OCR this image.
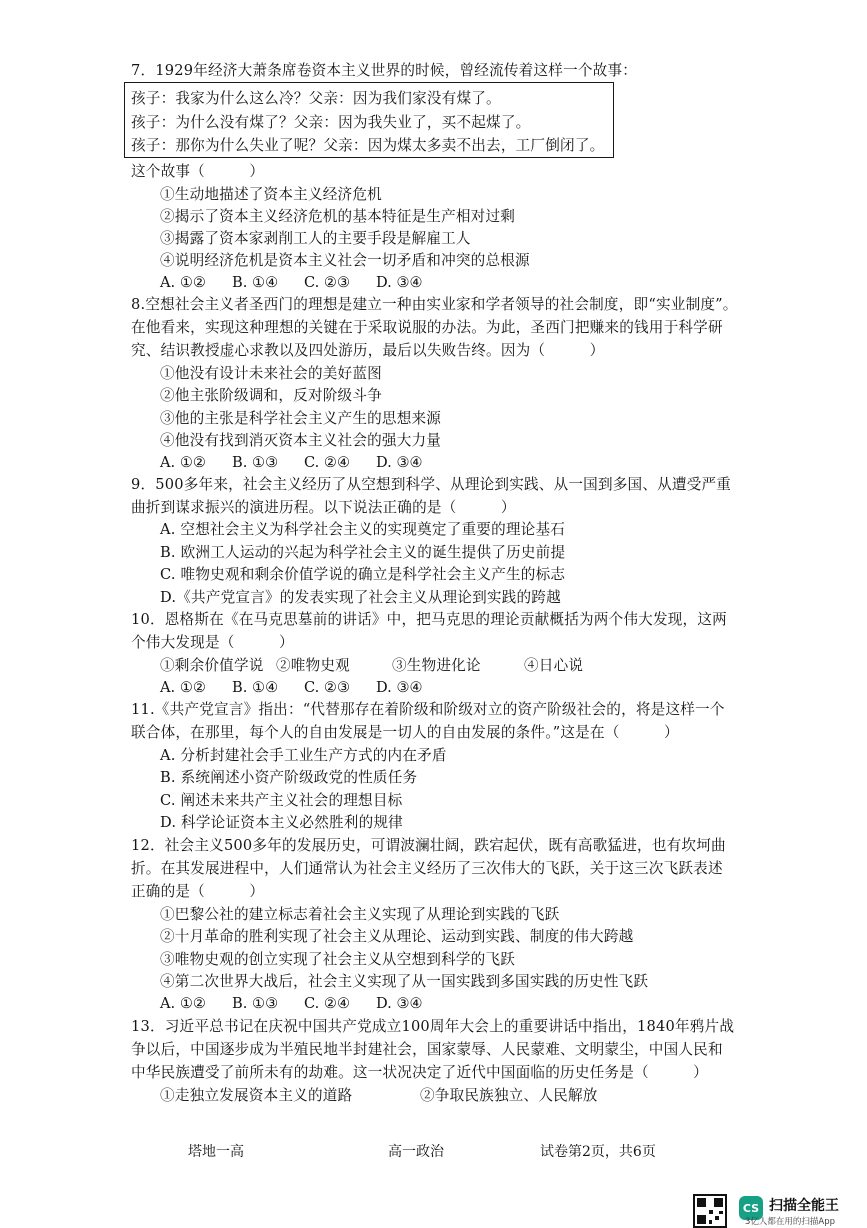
7．1929年经济大萧条席卷资本主义世界的时候，曾经流传着这样一个故事：
孩子：我家为什么这么冷？父亲：因为我们家没有煤了。
孩子：为什么没有煤了？父亲：因为我失业了，买不起煤了。
孩子：那你为什么失业了呢？父亲：因为煤太多卖不出去，工厂倒闭了。
这个故事（　　　）
①生动地描述了资本主义经济危机
②揭示了资本主义经济危机的基本特征是生产相对过剩
③揭露了资本家剥削工人的主要手段是解雇工人
④说明经济危机是资本主义社会一切矛盾和冲突的总根源
A. ①② B. ①④ C. ②③ D. ③④
8.空想社会主义者圣西门的理想是建立一种由实业家和学者领导的社会制度，即“实业制度”。
在他看来，实现这种理想的关键在于采取说服的办法。为此，圣西门把赚来的钱用于科学研
究、结识教授虚心求教以及四处游历，最后以失败告终。因为（　　　）
①他没有设计未来社会的美好蓝图
②他主张阶级调和，反对阶级斗争
③他的主张是科学社会主义产生的思想来源
④他没有找到消灭资本主义社会的强大力量
A. ①② B. ①③ C. ②④ D. ③④
9．500多年来，社会主义经历了从空想到科学、从理论到实践、从一国到多国、从遭受严重
曲折到谋求振兴的演进历程。以下说法正确的是（　　　）
A. 空想社会主义为科学社会主义的实现奠定了重要的理论基石
B. 欧洲工人运动的兴起为科学社会主义的诞生提供了历史前提
C. 唯物史观和剩余价值学说的确立是科学社会主义产生的标志
D.《共产党宣言》的发表实现了社会主义从理论到实践的跨越
10．恩格斯在《在马克思墓前的讲话》中，把马克思的理论贡献概括为两个伟大发现，这两
个伟大发现是（　　　）
①剩余价值学说 ②唯物史观	③生物进化论	④日心说
A. ①② B. ①④ C. ②③ D. ③④
11.《共产党宣言》指出：“代替那存在着阶级和阶级对立的资产阶级社会的，将是这样一个
联合体，在那里，每个人的自由发展是一切人的自由发展的条件。”这是在（　　　）
A. 分析封建社会手工业生产方式的内在矛盾
B. 系统阐述小资产阶级政党的性质任务
C. 阐述未来共产主义社会的理想目标
D. 科学论证资本主义必然胜利的规律
12．社会主义500多年的发展历史，可谓波澜壮阔，跌宕起伏，既有高歌猛进，也有坎坷曲
折。在其发展进程中，人们通常认为社会主义经历了三次伟大的飞跃，关于这三次飞跃表述
正确的是（　　　）
①巴黎公社的建立标志着社会主义实现了从理论到实践的飞跃
②十月革命的胜利实现了社会主义从理论、运动到实践、制度的伟大跨越
③唯物史观的创立实现了社会主义从空想到科学的飞跃
④第二次世界大战后，社会主义实现了从一国实践到多国实践的历史性飞跃
A. ①② B. ①③ C. ②④ D. ③④
13．习近平总书记在庆祝中国共产党成立100周年大会上的重要讲话中指出，1840年鸦片战
争以后，中国逐步成为半殖民地半封建社会，国家蒙辱、人民蒙难、文明蒙尘，中国人民和
中华民族遭受了前所未有的劫难。这一状况决定了近代中国面临的历史任务是（　　　）
①走独立发展资本主义的道路	②争取民族独立、人民解放
塔地一高	高一政治	试卷第2页，共6页
CS 扫描全能王
3亿人都在用的扫描App
